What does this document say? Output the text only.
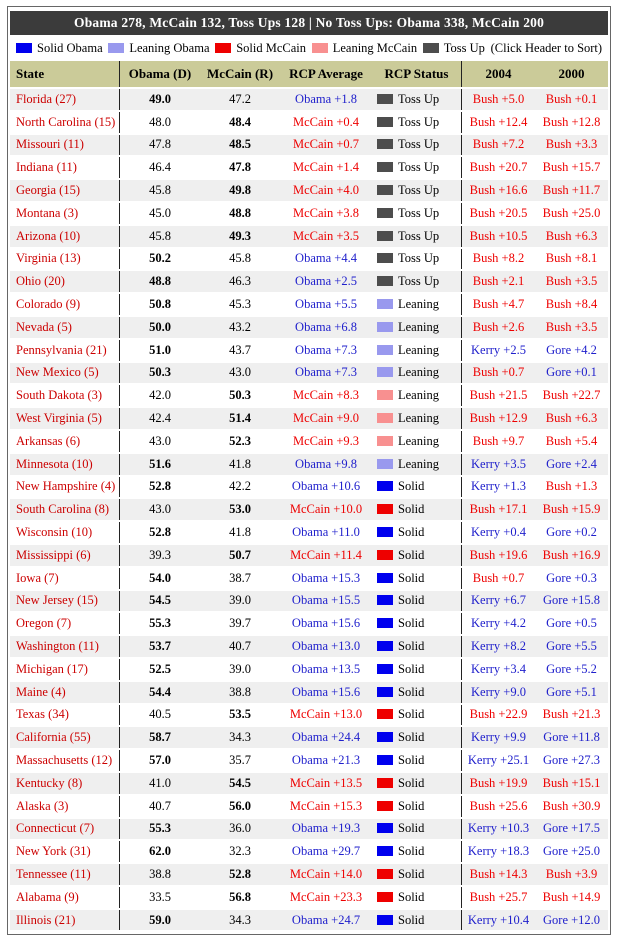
Obama 278, McCain 132, Toss Ups 128 | No Toss Ups: Obama 338, McCain 200						

Solid Obama Leaning Obama Solid McCain Leaning McCain Toss Up (Click Header to Sort)

State	Obama (D)	McCain (R)	RCP Average	RCP Status	2004	2000
Florida (27)	49.0	47.2	Obama +1.8	Toss Up	Bush +5.0	Bush +0.1
North Carolina (15)	48.0	48.4	McCain +0.4	Toss Up	Bush +12.4	Bush +12.8
Missouri (11)	47.8	48.5	McCain +0.7	Toss Up	Bush +7.2	Bush +3.3
Indiana (11)	46.4	47.8	McCain +1.4	Toss Up	Bush +20.7	Bush +15.7
Georgia (15)	45.8	49.8	McCain +4.0	Toss Up	Bush +16.6	Bush +11.7
Montana (3)	45.0	48.8	McCain +3.8	Toss Up	Bush +20.5	Bush +25.0
Arizona (10)	45.8	49.3	McCain +3.5	Toss Up	Bush +10.5	Bush +6.3
Virginia (13)	50.2	45.8	Obama +4.4	Toss Up	Bush +8.2	Bush +8.1
Ohio (20)	48.8	46.3	Obama +2.5	Toss Up	Bush +2.1	Bush +3.5
Colorado (9)	50.8	45.3	Obama +5.5	Leaning	Bush +4.7	Bush +8.4
Nevada (5)	50.0	43.2	Obama +6.8	Leaning	Bush +2.6	Bush +3.5
Pennsylvania (21)	51.0	43.7	Obama +7.3	Leaning	Kerry +2.5	Gore +4.2
New Mexico (5)	50.3	43.0	Obama +7.3	Leaning	Bush +0.7	Gore +0.1
South Dakota (3)	42.0	50.3	McCain +8.3	Leaning	Bush +21.5	Bush +22.7
West Virginia (5)	42.4	51.4	McCain +9.0	Leaning	Bush +12.9	Bush +6.3
Arkansas (6)	43.0	52.3	McCain +9.3	Leaning	Bush +9.7	Bush +5.4
Minnesota (10)	51.6	41.8	Obama +9.8	Leaning	Kerry +3.5	Gore +2.4
New Hampshire (4)	52.8	42.2	Obama +10.6	Solid	Kerry +1.3	Bush +1.3
South Carolina (8)	43.0	53.0	McCain +10.0	Solid	Bush +17.1	Bush +15.9
Wisconsin (10)	52.8	41.8	Obama +11.0	Solid	Kerry +0.4	Gore +0.2
Mississippi (6)	39.3	50.7	McCain +11.4	Solid	Bush +19.6	Bush +16.9
Iowa (7)	54.0	38.7	Obama +15.3	Solid	Bush +0.7	Gore +0.3
New Jersey (15)	54.5	39.0	Obama +15.5	Solid	Kerry +6.7	Gore +15.8
Oregon (7)	55.3	39.7	Obama +15.6	Solid	Kerry +4.2	Gore +0.5
Washington (11)	53.7	40.7	Obama +13.0	Solid	Kerry +8.2	Gore +5.5
Michigan (17)	52.5	39.0	Obama +13.5	Solid	Kerry +3.4	Gore +5.2
Maine (4)	54.4	38.8	Obama +15.6	Solid	Kerry +9.0	Gore +5.1
Texas (34)	40.5	53.5	McCain +13.0	Solid	Bush +22.9	Bush +21.3
California (55)	58.7	34.3	Obama +24.4	Solid	Kerry +9.9	Gore +11.8
Massachusetts (12)	57.0	35.7	Obama +21.3	Solid	Kerry +25.1	Gore +27.3
Kentucky (8)	41.0	54.5	McCain +13.5	Solid	Bush +19.9	Bush +15.1
Alaska (3)	40.7	56.0	McCain +15.3	Solid	Bush +25.6	Bush +30.9
Connecticut (7)	55.3	36.0	Obama +19.3	Solid	Kerry +10.3	Gore +17.5
New York (31)	62.0	32.3	Obama +29.7	Solid	Kerry +18.3	Gore +25.0
Tennessee (11)	38.8	52.8	McCain +14.0	Solid	Bush +14.3	Bush +3.9
Alabama (9)	33.5	56.8	McCain +23.3	Solid	Bush +25.7	Bush +14.9
Illinois (21)	59.0	34.3	Obama +24.7	Solid	Kerry +10.4	Gore +12.0
